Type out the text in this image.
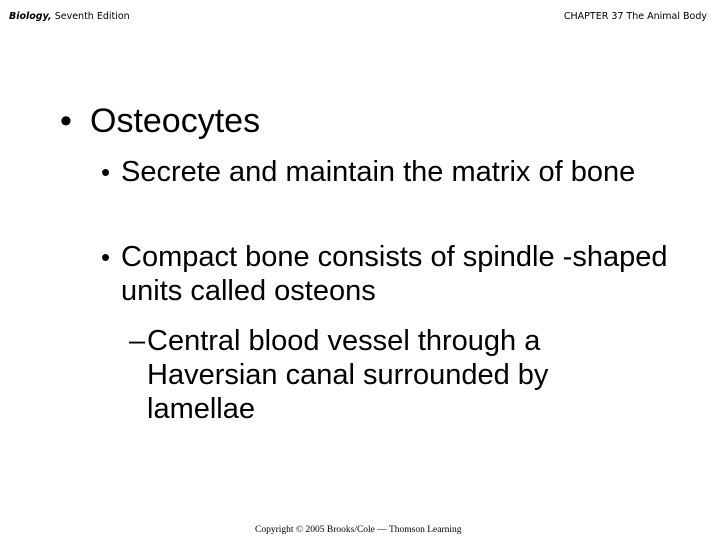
Biology, Seventh Edition	CHAPTER 37 The Animal Body
• Osteocytes
• Secrete and maintain the matrix of bone
• Compact bone consists of spindle -shaped units called osteons
– Central blood vessel through a Haversian canal surrounded by lamellae
Copyright © 2005 Brooks/Cole — Thomson Learning
